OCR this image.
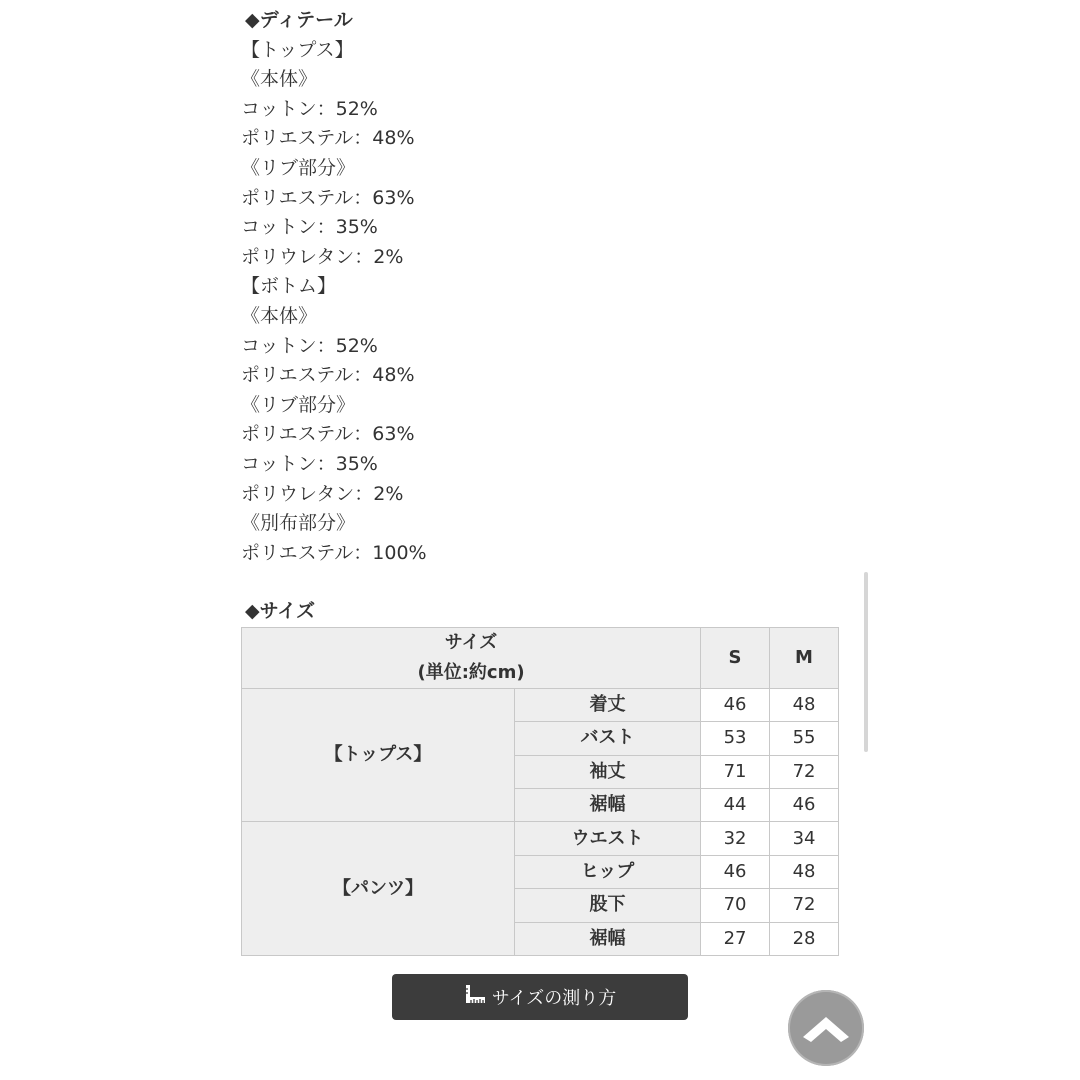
◆ディテール
【トップス】
《本体》
コットン：52%
ポリエステル：48%
《リブ部分》
ポリエステル：63%
コットン：35%
ポリウレタン：2%
【ボトム】
《本体》
コットン：52%
ポリエステル：48%
《リブ部分》
ポリエステル：63%
コットン：35%
ポリウレタン：2%
《別布部分》
ポリエステル：100%
◆サイズ
サイズ
(単位:約cm)		S	M
【トップス】	着丈	46	48
	バスト	53	55
	袖丈	71	72
	裾幅	44	46
【パンツ】	ウエスト	32	34
	ヒップ	46	48
	股下	70	72
	裾幅	27	28
サイズの測り方
